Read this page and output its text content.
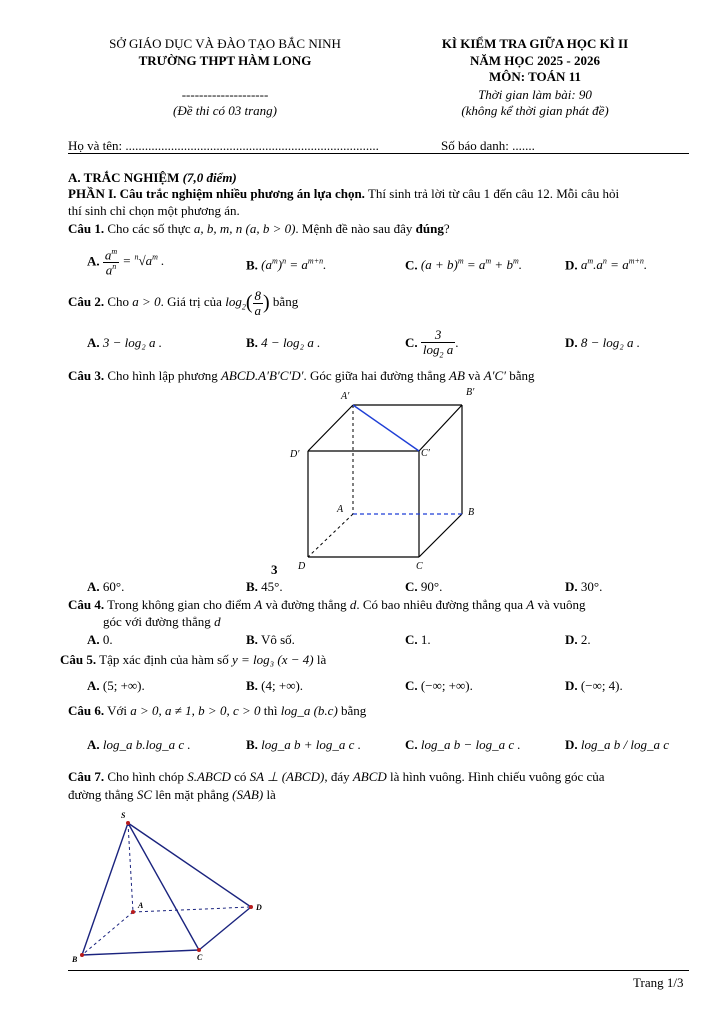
SỞ GIÁO DỤC VÀ ĐÀO TẠO BẮC NINH
TRƯỜNG THPT HÀM LONG
--------------------
(Đề thi có 03 trang)
KÌ KIỂM TRA GIỮA HỌC KÌ II
NĂM HỌC 2025 - 2026
MÔN: TOÁN 11
Thời gian làm bài: 90
(không kể thời gian phát đề)
Họ và tên: ..............................................................................	Số báo danh: .......
A. TRẮC NGHIỆM (7,0 điểm)
PHẦN I. Câu trắc nghiệm nhiều phương án lựa chọn. Thí sinh trả lời từ câu 1 đến câu 12. Mỗi câu hỏi
thí sinh chỉ chọn một phương án.
Câu 1. Cho các số thực a, b, m, n (a, b > 0). Mệnh đề nào sau đây đúng?
A. $\frac{a^m}{a^n} = ^n√a^m$ .	B. $(a^m)^n = a^{m+n}$.	C. $(a + b)^m = a^m + b^m$.	D. $a^m.a^n = a^{m+n}$.
Câu 2. Cho a > 0. Giá trị của $\log_2( \frac{8}{a}$ ) bằng
A. 3 − log₂ a .	B. 4 − log₂ a .	C. $\frac{3}{\log_2 a}$ .	D. 8 − log₂ a .
Câu 3. Cho hình lập phương ABCD.A′B′C′D′. Góc giữa hai đường thẳng AB và A′C′ bằng
A′	B′
D′	C′
A	B
D	C
3
A. 60°.	B. 45°.	C. 90°.	D. 30°.
Câu 4. Trong không gian cho điểm A và đường thẳng d. Có bao nhiêu đường thẳng qua A và vuông
góc với đường thẳng d
A. 0.	B. Vô số.	C. 1.	D. 2.
Câu 5. Tập xác định của hàm số y = log₃ (x − 4) là
A. (5; +∞).	B. (4; +∞).	C. (−∞; +∞).	D. (−∞; 4).
Câu 6. Với a > 0, a ≠ 1, b > 0, c > 0 thì log_a (b.c) bằng
A. log_a b.log_a c .	B. log_a b + log_a c .	C. log_a b − log_a c .	D. log_a b / log_a c
Câu 7. Cho hình chóp S.ABCD có SA ⊥ (ABCD), đáy ABCD là hình vuông. Hình chiếu vuông góc của
đường thẳng SC lên mặt phẳng (SAB) là
S
A
B	C
D
Trang 1/3
